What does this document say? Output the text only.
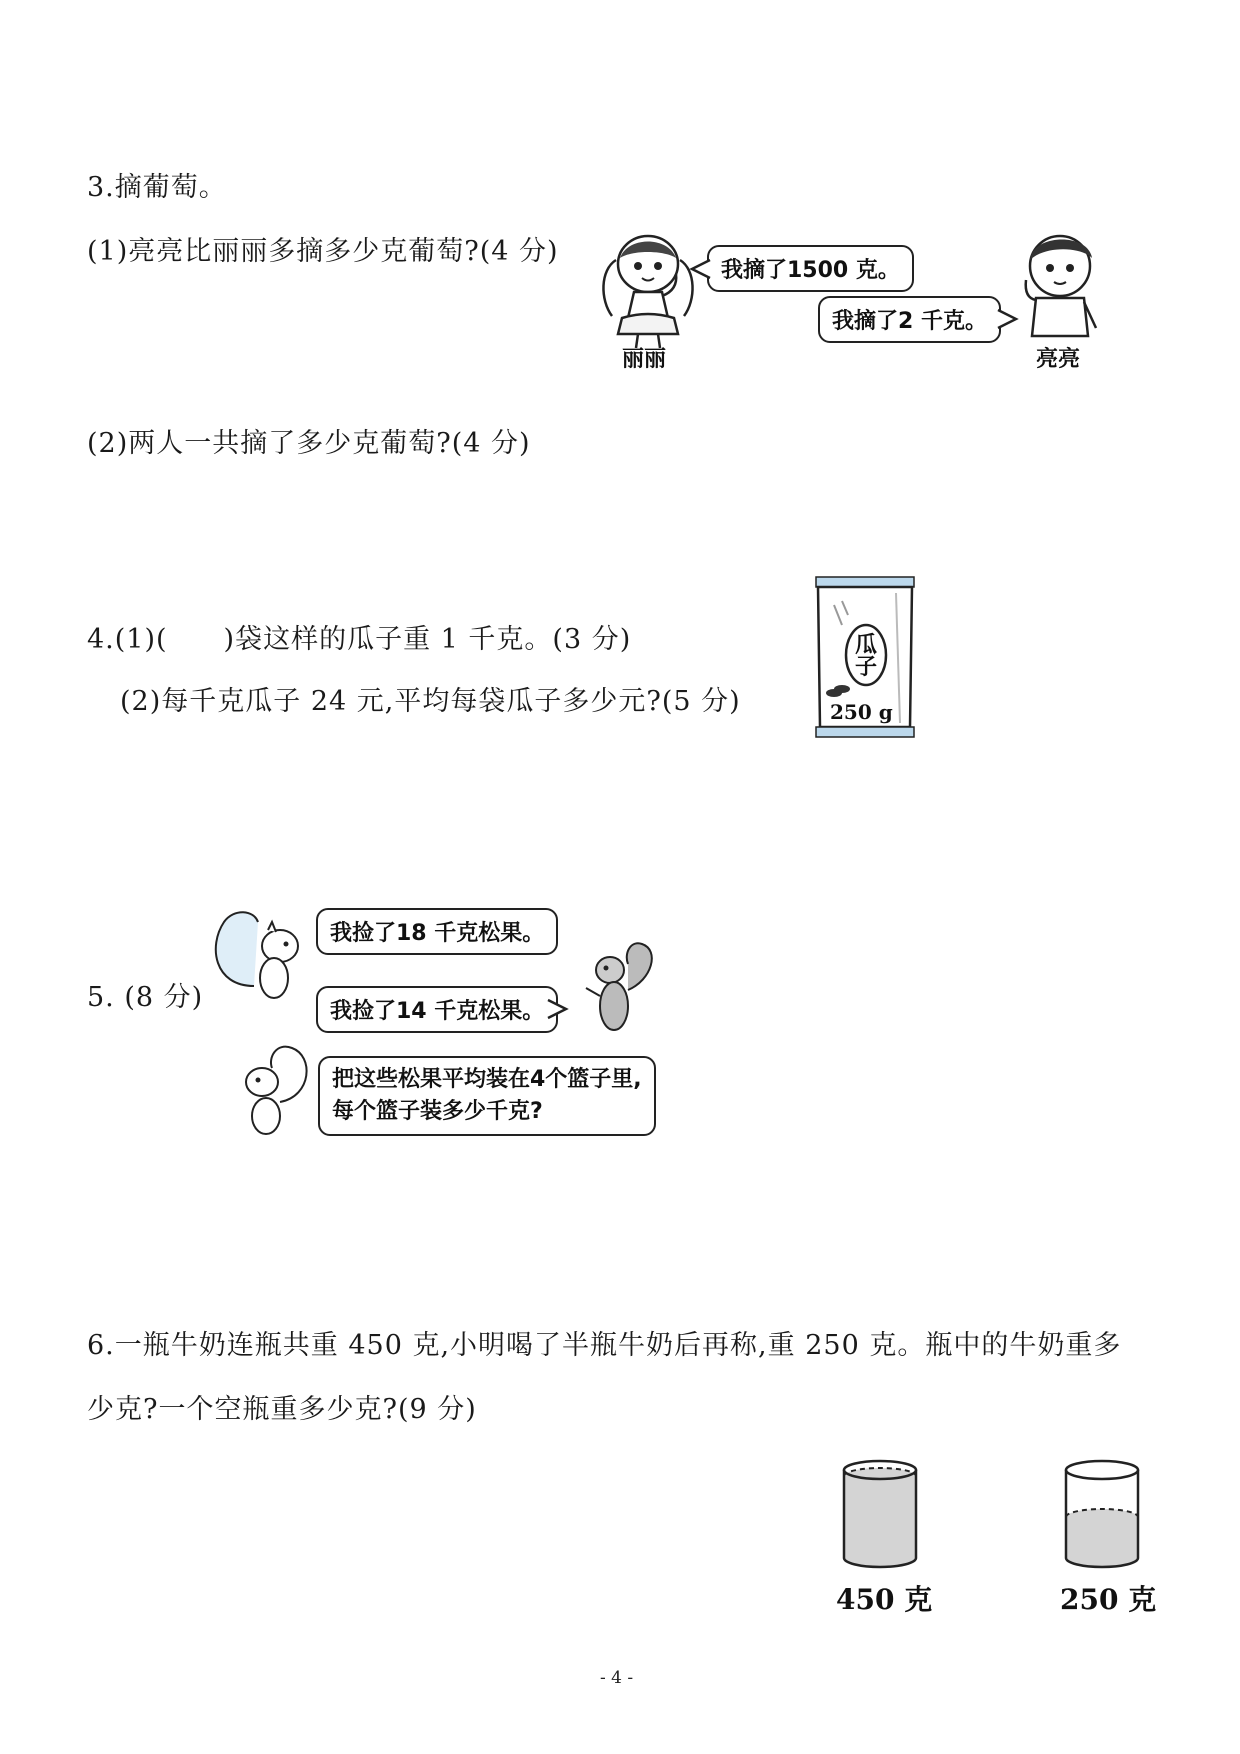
3.摘葡萄。
(1)亮亮比丽丽多摘多少克葡萄?(4 分)
丽丽
我摘了1500 克。
我摘了2 千克。
亮亮
(2)两人一共摘了多少克葡萄?(4 分)
4.(1)(　　)袋这样的瓜子重 1 千克。(3 分)
(2)每千克瓜子 24 元,平均每袋瓜子多少元?(5 分)
瓜子
250 g
5. (8 分)
我捡了18 千克松果。
我捡了14 千克松果。
把这些松果平均装在4个篮子里,
每个篮子装多少千克?
6.一瓶牛奶连瓶共重 450 克,小明喝了半瓶牛奶后再称,重 250 克。瓶中的牛奶重多
少克?一个空瓶重多少克?(9 分)
450 克	250 克
- 4 -
